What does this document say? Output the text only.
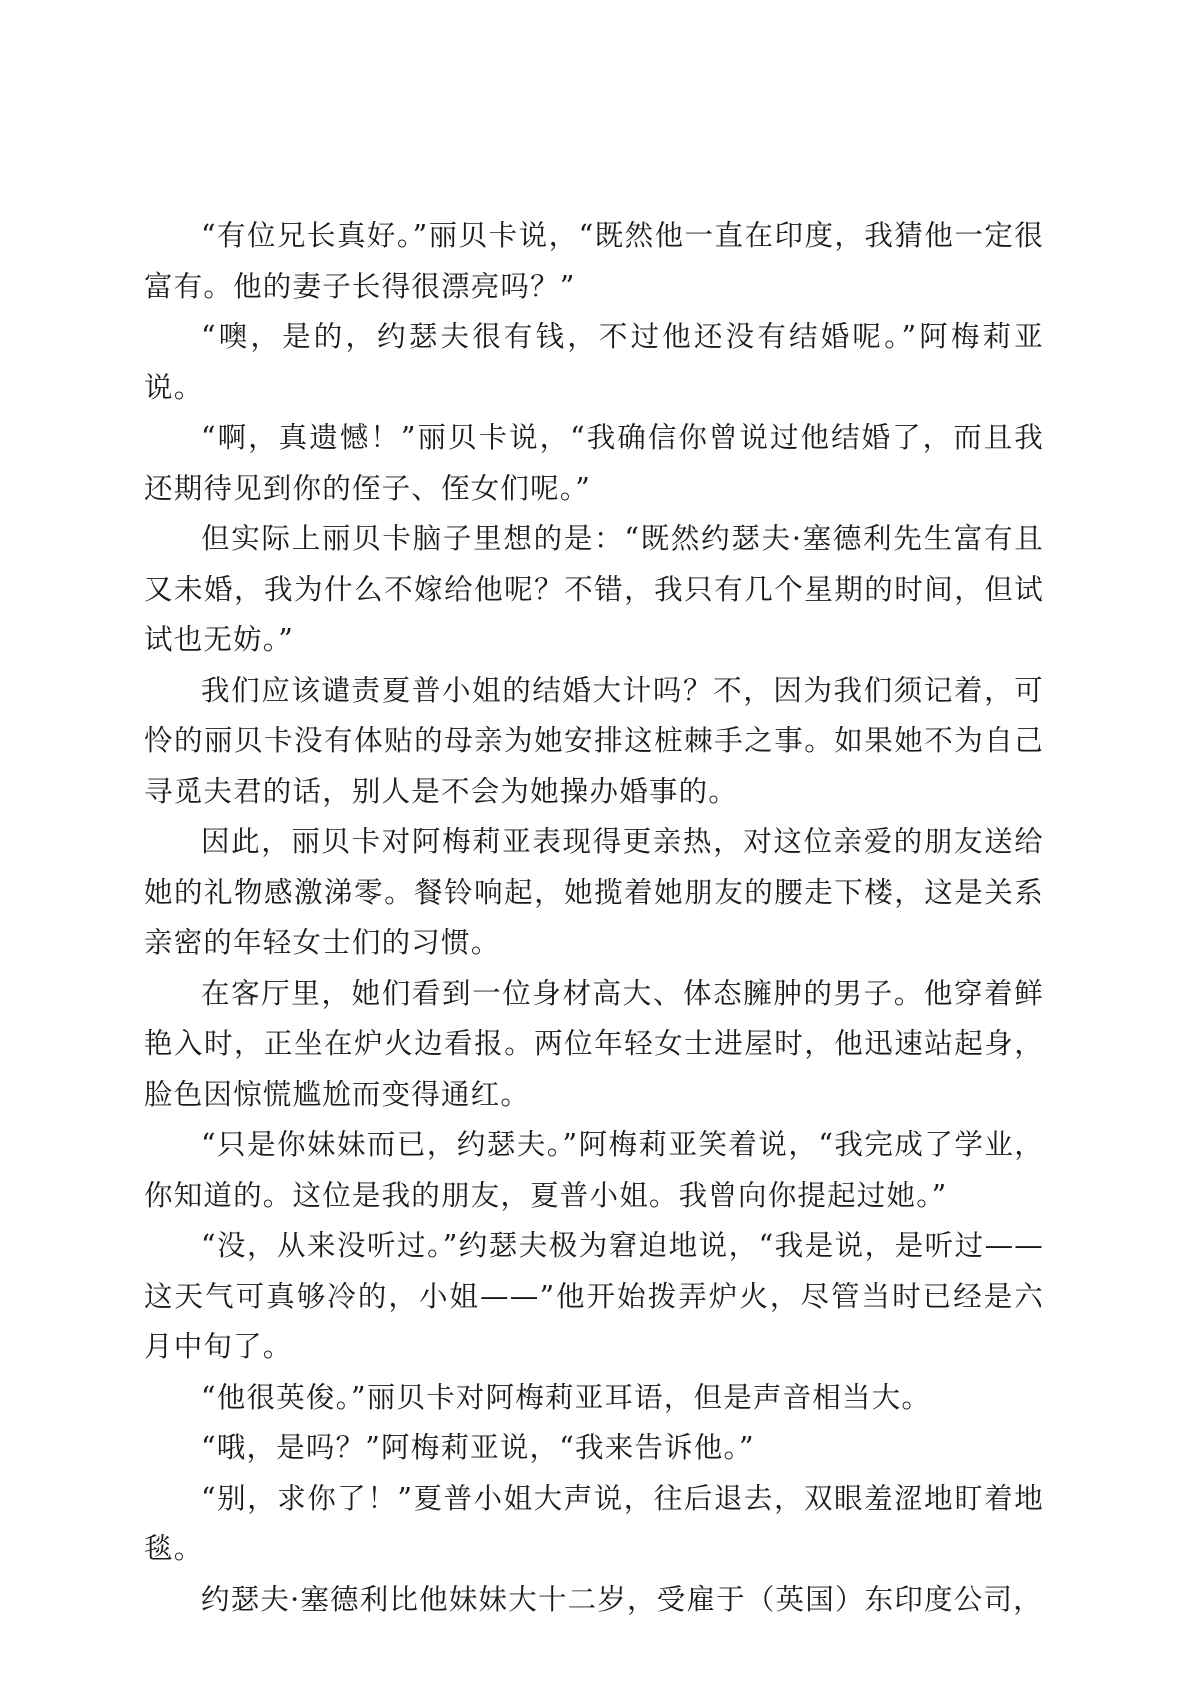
“有位兄长真好。”丽贝卡说，“既然他一直在印度，我猜他一定很富有。他的妻子长得很漂亮吗？”

“噢，是的，约瑟夫很有钱，不过他还没有结婚呢。”阿梅莉亚说。

“啊，真遗憾！”丽贝卡说，“我确信你曾说过他结婚了，而且我还期待见到你的侄子、侄女们呢。”

但实际上丽贝卡脑子里想的是：“既然约瑟夫·塞德利先生富有且又未婚，我为什么不嫁给他呢？不错，我只有几个星期的时间，但试试也无妨。”

我们应该谴责夏普小姐的结婚大计吗？不，因为我们须记着，可怜的丽贝卡没有体贴的母亲为她安排这桩棘手之事。如果她不为自己寻觅夫君的话，别人是不会为她操办婚事的。

因此，丽贝卡对阿梅莉亚表现得更亲热，对这位亲爱的朋友送给她的礼物感激涕零。餐铃响起，她揽着她朋友的腰走下楼，这是关系亲密的年轻女士们的习惯。

在客厅里，她们看到一位身材高大、体态臃肿的男子。他穿着鲜艳入时，正坐在炉火边看报。两位年轻女士进屋时，他迅速站起身，脸色因惊慌尴尬而变得通红。

“只是你妹妹而已，约瑟夫。”阿梅莉亚笑着说，“我完成了学业，你知道的。这位是我的朋友，夏普小姐。我曾向你提起过她。”

“没，从来没听过。”约瑟夫极为窘迫地说，“我是说，是听过——这天气可真够冷的，小姐——”他开始拨弄炉火，尽管当时已经是六月中旬了。

“他很英俊。”丽贝卡对阿梅莉亚耳语，但是声音相当大。

“哦，是吗？”阿梅莉亚说，“我来告诉他。”

“别，求你了！”夏普小姐大声说，往后退去，双眼羞涩地盯着地毯。

约瑟夫·塞德利比他妹妹大十二岁，受雇于（英国）东印度公司，
